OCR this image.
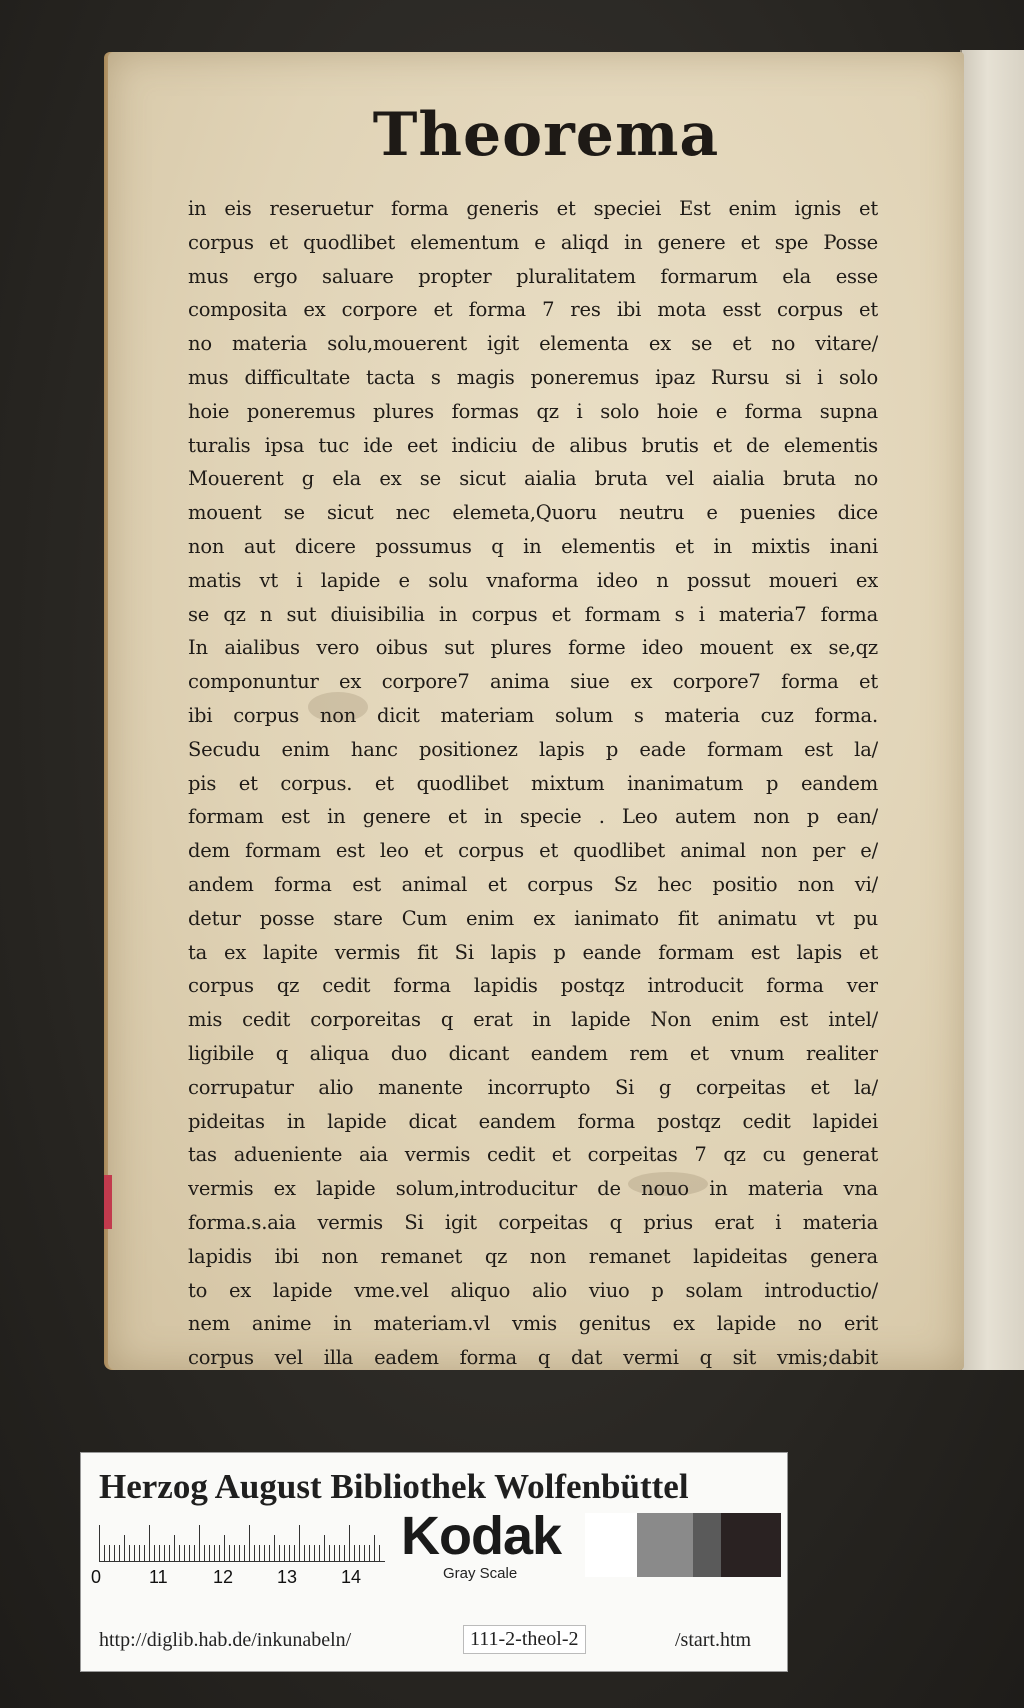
Theorema
in eis reseruetur forma generis et speciei Est enim ignis et
corpus et quodlibet elementum e aliqd in genere et spe Posse
mus ergo saluare propter pluralitatem formarum ela esse
composita ex corpore et forma 7 res ibi mota esst corpus et
no materia solu,mouerent igit elementa ex se et no vitare/
mus difficultate tacta s magis poneremus ipaz Rursu si i solo
hoie poneremus plures formas qz i solo hoie e forma supna
turalis ipsa tuc ide eet indiciu de alibus brutis et de elementis
Mouerent g ela ex se sicut aialia bruta vel aialia bruta no
mouent se sicut nec elemeta,Quoru neutru e puenies dice
non aut dicere possumus q in elementis et in mixtis inani
matis vt i lapide e solu vnaforma ideo n possut moueri ex
se qz n sut diuisibilia in corpus et formam s i materia7 forma
In aialibus vero oibus sut plures forme ideo mouent ex se,qz
componuntur ex corpore7 anima siue ex corpore7 forma et
ibi corpus non dicit materiam solum s materia cuz forma.
Secudu enim hanc positionez lapis p eade formam est la/
pis et corpus. et quodlibet mixtum inanimatum p eandem
formam est in genere et in specie . Leo autem non p ean/
dem formam est leo et corpus et quodlibet animal non per e/
andem forma est animal et corpus Sz hec positio non vi/
detur posse stare Cum enim ex ianimato fit animatu vt pu
ta ex lapite vermis fit Si lapis p eande formam est lapis et
corpus qz cedit forma lapidis postqz introducit forma ver
mis cedit corporeitas q erat in lapide Non enim est intel/
ligibile q aliqua duo dicant eandem rem et vnum realiter
corrupatur alio manente incorrupto Si g corpeitas et la/
pideitas in lapide dicat eandem forma postqz cedit lapidei
tas adueniente aia vermis cedit et corpeitas 7 qz cu generat
vermis ex lapide solum,introducitur de nouo in materia vna
forma.s.aia vermis Si igit corpeitas q prius erat i materia
lapidis ibi non remanet qz non remanet lapideitas genera
to ex lapide vme.vel aliquo alio viuo p solam introductio/
nem anime in materiam.vl vmis genitus ex lapide no erit
corpus vel illa eadem forma q dat vermi q sit vmis;dabit
Herzog August Bibliothek Wolfenbüttel
0	11	12 13 14
Kodak
Gray Scale
http://diglib.hab.de/inkunabeln/	111-2-theol-2	/start.htm
